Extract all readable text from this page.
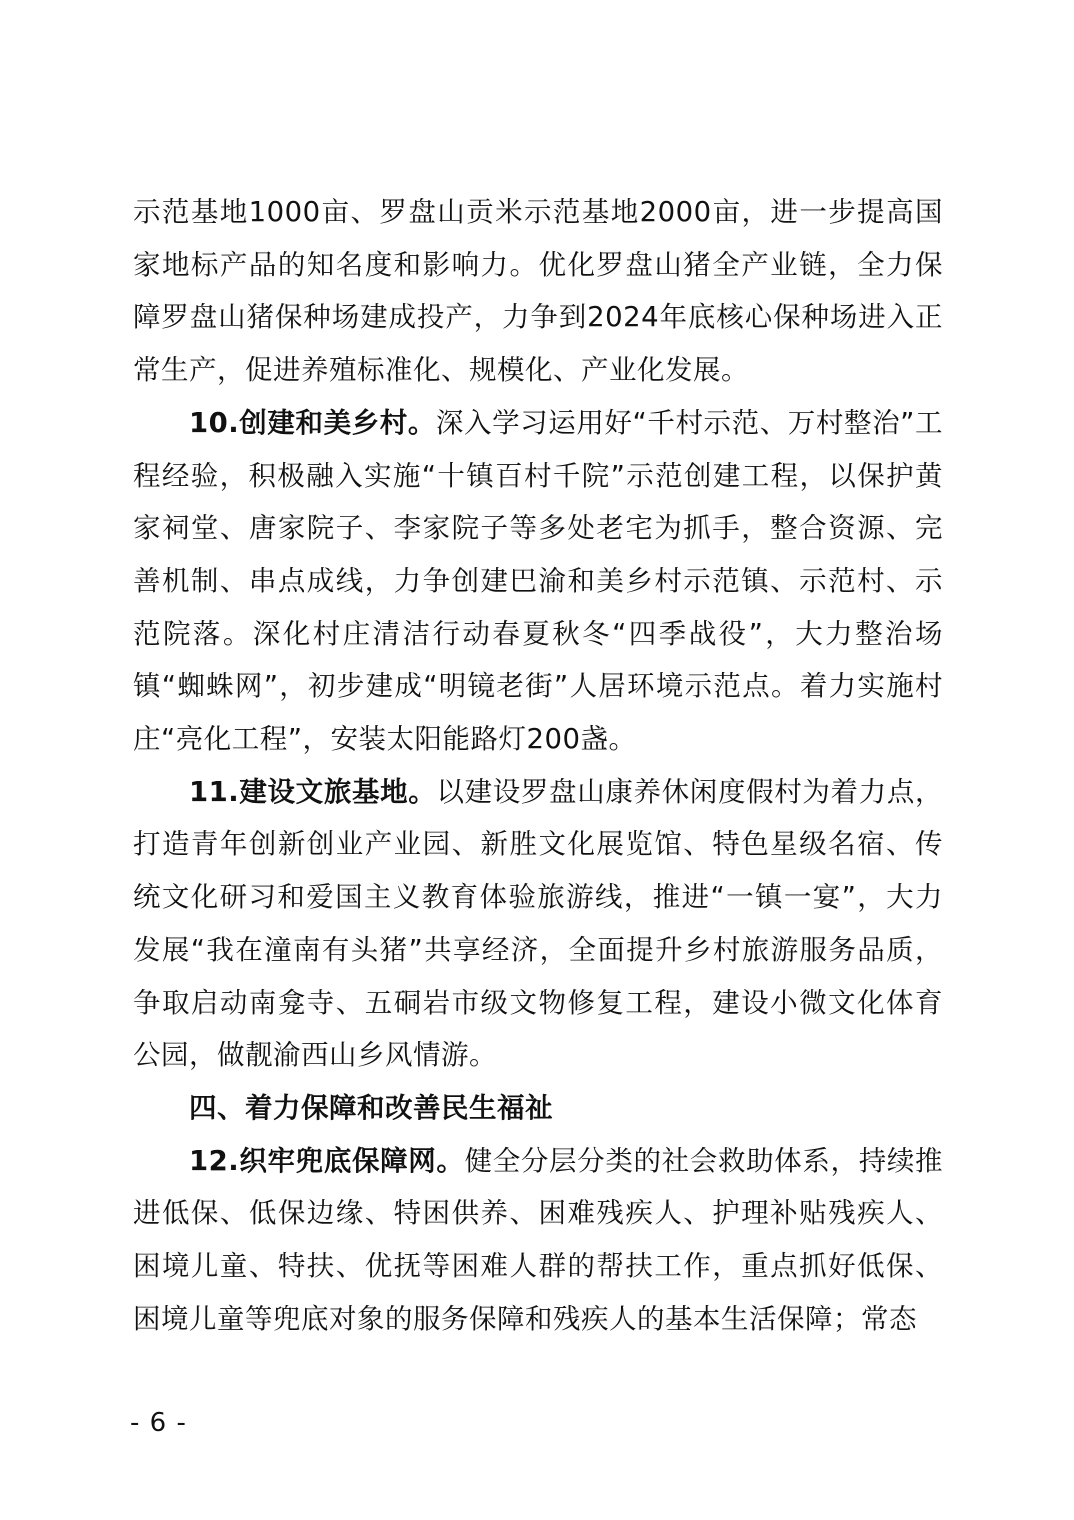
示范基地1000亩、罗盘山贡米示范基地2000亩，进一步提高国家地标产品的知名度和影响力。优化罗盘山猪全产业链，全力保障罗盘山猪保种场建成投产，力争到2024年底核心保种场进入正常生产，促进养殖标准化、规模化、产业化发展。

10.创建和美乡村。深入学习运用好“千村示范、万村整治”工程经验，积极融入实施“十镇百村千院”示范创建工程，以保护黄家祠堂、唐家院子、李家院子等多处老宅为抓手，整合资源、完善机制、串点成线，力争创建巴渝和美乡村示范镇、示范村、示范院落。深化村庄清洁行动春夏秋冬“四季战役”，大力整治场镇“蜘蛛网”，初步建成“明镜老街”人居环境示范点。着力实施村庄“亮化工程”，安装太阳能路灯200盏。

11.建设文旅基地。以建设罗盘山康养休闲度假村为着力点，打造青年创新创业产业园、新胜文化展览馆、特色星级名宿、传统文化研习和爱国主义教育体验旅游线，推进“一镇一宴”，大力发展“我在潼南有头猪”共享经济，全面提升乡村旅游服务品质，争取启动南龛寺、五硐岩市级文物修复工程，建设小微文化体育公园，做靓渝西山乡风情游。

四、着力保障和改善民生福祉

12.织牢兜底保障网。健全分层分类的社会救助体系，持续推进低保、低保边缘、特困供养、困难残疾人、护理补贴残疾人、困境儿童、特扶、优抚等困难人群的帮扶工作，重点抓好低保、困境儿童等兜底对象的服务保障和残疾人的基本生活保障；常态

- 6 -
